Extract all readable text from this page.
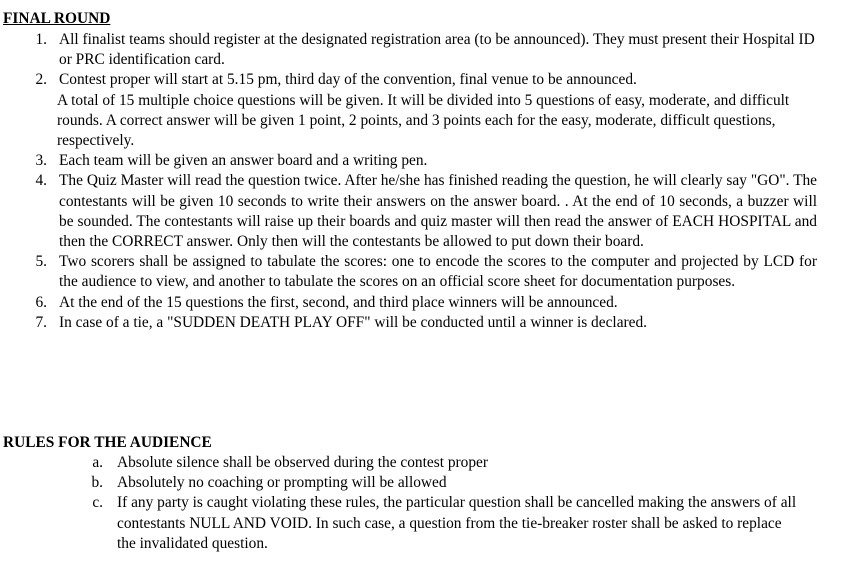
FINAL ROUND
1. All finalist teams should register at the designated registration area (to be announced). They must present their Hospital ID or PRC identification card.
2. Contest proper will start at 5.15 pm, third day of the convention, final venue to be announced.
A total of 15 multiple choice questions will be given. It will be divided into 5 questions of easy, moderate, and difficult rounds. A correct answer will be given 1 point, 2 points, and 3 points each for the easy, moderate, difficult questions, respectively.
3. Each team will be given an answer board and a writing pen.
4. The Quiz Master will read the question twice. After he/she has finished reading the question, he will clearly say "GO". The contestants will be given 10 seconds to write their answers on the answer board. . At the end of 10 seconds, a buzzer will be sounded. The contestants will raise up their boards and quiz master will then read the answer of EACH HOSPITAL and then the CORRECT answer. Only then will the contestants be allowed to put down their board.
5. Two scorers shall be assigned to tabulate the scores: one to encode the scores to the computer and projected by LCD for the audience to view, and another to tabulate the scores on an official score sheet for documentation purposes.
6. At the end of the 15 questions the first, second, and third place winners will be announced.
7. In case of a tie, a "SUDDEN DEATH PLAY OFF" will be conducted until a winner is declared.
RULES FOR THE AUDIENCE
a. Absolute silence shall be observed during the contest proper
b. Absolutely no coaching or prompting will be allowed
c. If any party is caught violating these rules, the particular question shall be cancelled making the answers of all contestants NULL AND VOID. In such case, a question from the tie-breaker roster shall be asked to replace the invalidated question.
